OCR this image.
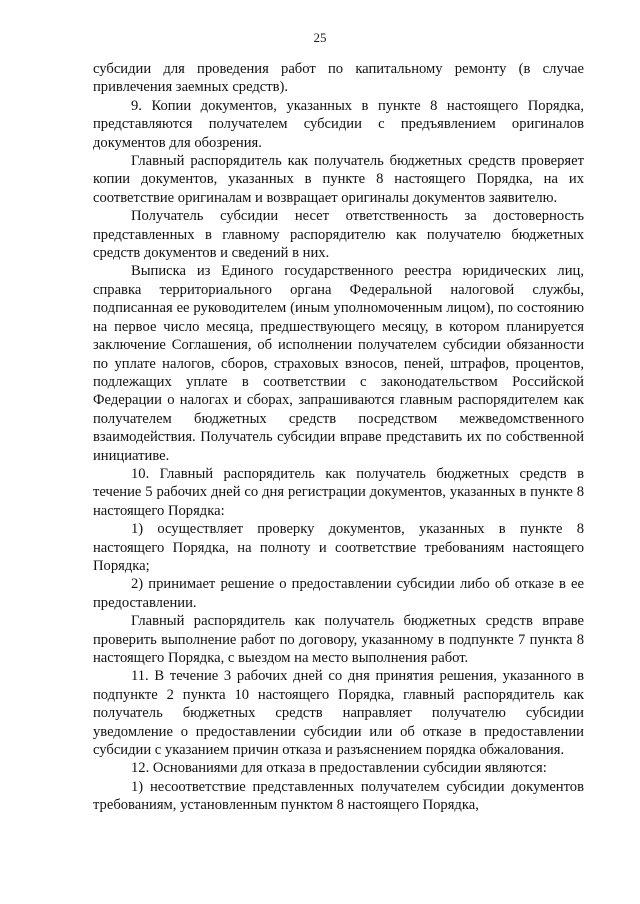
25

субсидии для проведения работ по капитальному ремонту (в случае привлечения заемных средств).

9. Копии документов, указанных в пункте 8 настоящего Порядка, представляются получателем субсидии с предъявлением оригиналов документов для обозрения.

Главный распорядитель как получатель бюджетных средств проверяет копии документов, указанных в пункте 8 настоящего Порядка, на их соответствие оригиналам и возвращает оригиналы документов заявителю.

Получатель субсидии несет ответственность за достоверность представленных в главному распорядителю как получателю бюджетных средств документов и сведений в них.

Выписка из Единого государственного реестра юридических лиц, справка территориального органа Федеральной налоговой службы, подписанная ее руководителем (иным уполномоченным лицом), по состоянию на первое число месяца, предшествующего месяцу, в котором планируется заключение Соглашения, об исполнении получателем субсидии обязанности по уплате налогов, сборов, страховых взносов, пеней, штрафов, процентов, подлежащих уплате в соответствии с законодательством Российской Федерации о налогах и сборах, запрашиваются главным распорядителем как получателем бюджетных средств посредством межведомственного взаимодействия. Получатель субсидии вправе представить их по собственной инициативе.

10. Главный распорядитель как получатель бюджетных средств в течение 5 рабочих дней со дня регистрации документов, указанных в пункте 8 настоящего Порядка:

1) осуществляет проверку документов, указанных в пункте 8 настоящего Порядка, на полноту и соответствие требованиям настоящего Порядка;

2) принимает решение о предоставлении субсидии либо об отказе в ее предоставлении.

Главный распорядитель как получатель бюджетных средств вправе проверить выполнение работ по договору, указанному в подпункте 7 пункта 8 настоящего Порядка, с выездом на место выполнения работ.

11. В течение 3 рабочих дней со дня принятия решения, указанного в подпункте 2 пункта 10 настоящего Порядка, главный распорядитель как получатель бюджетных средств направляет получателю субсидии уведомление о предоставлении субсидии или об отказе в предоставлении субсидии с указанием причин отказа и разъяснением порядка обжалования.

12. Основаниями для отказа в предоставлении субсидии являются:

1) несоответствие представленных получателем субсидии документов требованиям, установленным пунктом 8 настоящего Порядка,
